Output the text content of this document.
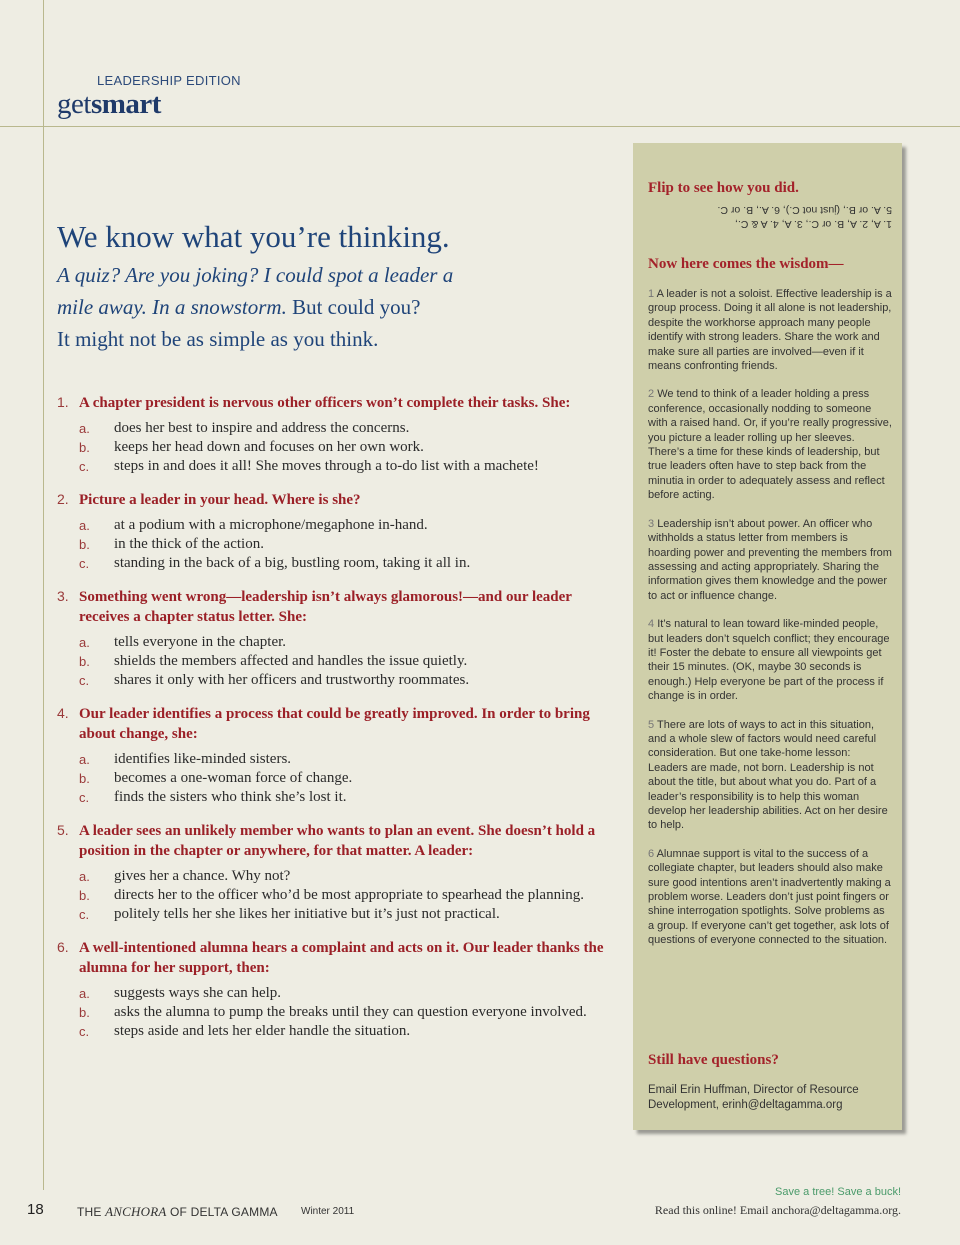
LEADERSHIP EDITION
getsmart
We know what you’re thinking.
A quiz? Are you joking? I could spot a leader a mile away. In a snowstorm. But could you?
It might not be as simple as you think.
1. A chapter president is nervous other officers won’t complete their tasks. She:
a. does her best to inspire and address the concerns.
b. keeps her head down and focuses on her own work.
c. steps in and does it all! She moves through a to-do list with a machete!
2. Picture a leader in your head. Where is she?
a. at a podium with a microphone/megaphone in-hand.
b. in the thick of the action.
c. standing in the back of a big, bustling room, taking it all in.
3. Something went wrong—leadership isn’t always glamorous!—and our leader receives a chapter status letter. She:
a. tells everyone in the chapter.
b. shields the members affected and handles the issue quietly.
c. shares it only with her officers and trustworthy roommates.
4. Our leader identifies a process that could be greatly improved. In order to bring about change, she:
a. identifies like-minded sisters.
b. becomes a one-woman force of change.
c. finds the sisters who think she’s lost it.
5. A leader sees an unlikely member who wants to plan an event. She doesn’t hold a position in the chapter or anywhere, for that matter. A leader:
a. gives her a chance. Why not?
b. directs her to the officer who’d be most appropriate to spearhead the planning.
c. politely tells her she likes her initiative but it’s just not practical.
6. A well-intentioned alumna hears a complaint and acts on it. Our leader thanks the alumna for her support, then:
a. suggests ways she can help.
b. asks the alumna to pump the breaks until they can question everyone involved.
c. steps aside and lets her elder handle the situation.
Flip to see how you did.
1. A, 2. A, B. or C., 3. A, 4. A & C.,
5. A. or B., (just not C.), 6. A., B. or C.
Now here comes the wisdom—
1 A leader is not a soloist. Effective leadership is a group process. Doing it all alone is not leadership, despite the workhorse approach many people identify with strong leaders. Share the work and make sure all parties are involved—even if it means confronting friends.
2 We tend to think of a leader holding a press conference, occasionally nodding to someone with a raised hand. Or, if you’re really progressive, you picture a leader rolling up her sleeves. There’s a time for these kinds of leadership, but true leaders often have to step back from the minutia in order to adequately assess and reflect before acting.
3 Leadership isn’t about power. An officer who withholds a status letter from members is hoarding power and preventing the members from assessing and acting appropriately. Sharing the information gives them knowledge and the power to act or influence change.
4 It’s natural to lean toward like-minded people, but leaders don’t squelch conflict; they encourage it! Foster the debate to ensure all viewpoints get their 15 minutes. (OK, maybe 30 seconds is enough.) Help everyone be part of the process if change is in order.
5 There are lots of ways to act in this situation, and a whole slew of factors would need careful consideration. But one take-home lesson: Leaders are made, not born. Leadership is not about the title, but about what you do. Part of a leader’s responsibility is to help this woman develop her leadership abilities. Act on her desire to help.
6 Alumnae support is vital to the success of a collegiate chapter, but leaders should also make sure good intentions aren’t inadvertently making a problem worse. Leaders don’t just point fingers or shine interrogation spotlights. Solve problems as a group. If everyone can’t get together, ask lots of questions of everyone connected to the situation.
Still have questions?
Email Erin Huffman, Director of Resource Development, erinh@deltagamma.org
18	THE ANCHORA OF DELTA GAMMA Winter 2011
Save a tree! Save a buck!
Read this online! Email anchora@deltagamma.org.
